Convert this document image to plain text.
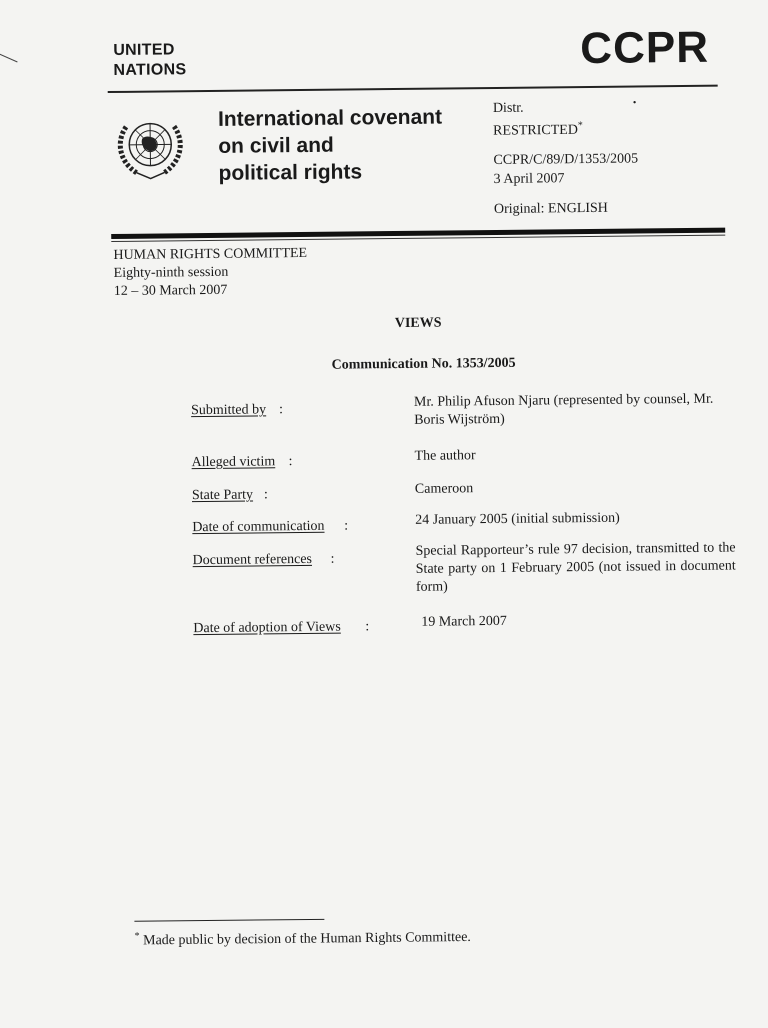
UNITED
NATIONS	CCPR
International covenant
on civil and
political rights
•
Distr.
RESTRICTED*
CCPR/C/89/D/1353/2005
3 April 2007
Original: ENGLISH
HUMAN RIGHTS COMMITTEE
Eighty-ninth session
12 – 30 March 2007
VIEWS
Communication No. 1353/2005
Submitted by :	Mr. Philip Afuson Njaru (represented by counsel, Mr. Boris Wijström)
Alleged victim :	The author
State Party :	Cameroon
Date of communication :	24 January 2005 (initial submission)
Document references :
Special Rapporteur’s rule 97 decision, transmitted to the State party on 1 February 2005 (not issued in document form)
Date of adoption of Views :	19 March 2007
* Made public by decision of the Human Rights Committee.
